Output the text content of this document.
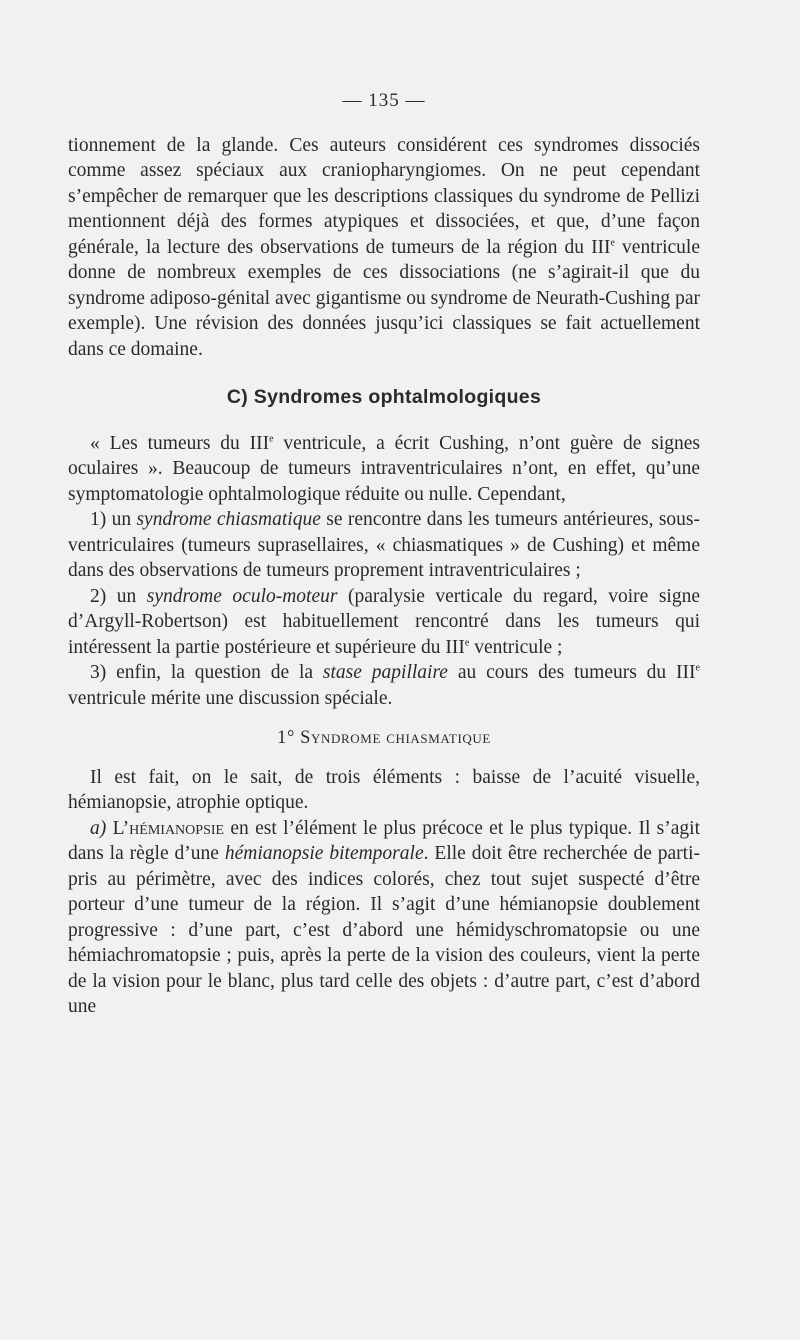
— 135 —

tionnement de la glande. Ces auteurs considérent ces syndromes dissociés comme assez spéciaux aux craniopharyngiomes. On ne peut cependant s’empêcher de remarquer que les descriptions classiques du syndrome de Pellizi mentionnent déjà des formes atypiques et dissociées, et que, d’une façon générale, la lecture des observations de tumeurs de la région du IIIe ventricule donne de nombreux exemples de ces dissociations (ne s’agirait-il que du syndrome adiposo-génital avec gigantisme ou syndrome de Neurath-Cushing par exemple). Une révision des données jusqu’ici classiques se fait actuellement dans ce domaine.

C) Syndromes ophtalmologiques

« Les tumeurs du IIIe ventricule, a écrit Cushing, n’ont guère de signes oculaires ». Beaucoup de tumeurs intraventriculaires n’ont, en effet, qu’une symptomatologie ophtalmologique réduite ou nulle. Cependant,

1) un syndrome chiasmatique se rencontre dans les tumeurs antérieures, sous-ventriculaires (tumeurs suprasellaires, « chiasmatiques » de Cushing) et même dans des observations de tumeurs proprement intraventriculaires ;

2) un syndrome oculo-moteur (paralysie verticale du regard, voire signe d’Argyll-Robertson) est habituellement rencontré dans les tumeurs qui intéressent la partie postérieure et supérieure du IIIe ventricule ;

3) enfin, la question de la stase papillaire au cours des tumeurs du IIIe ventricule mérite une discussion spéciale.

1° Syndrome chiasmatique

Il est fait, on le sait, de trois éléments : baisse de l’acuité visuelle, hémianopsie, atrophie optique.

a) L’hémianopsie en est l’élément le plus précoce et le plus typique. Il s’agit dans la règle d’une hémianopsie bitemporale. Elle doit être recherchée de parti-pris au périmètre, avec des indices colorés, chez tout sujet suspecté d’être porteur d’une tumeur de la région. Il s’agit d’une hémianopsie doublement progressive : d’une part, c’est d’abord une hémidyschromatopsie ou une hémiachromatopsie ; puis, après la perte de la vision des couleurs, vient la perte de la vision pour le blanc, plus tard celle des objets : d’autre part, c’est d’abord une
